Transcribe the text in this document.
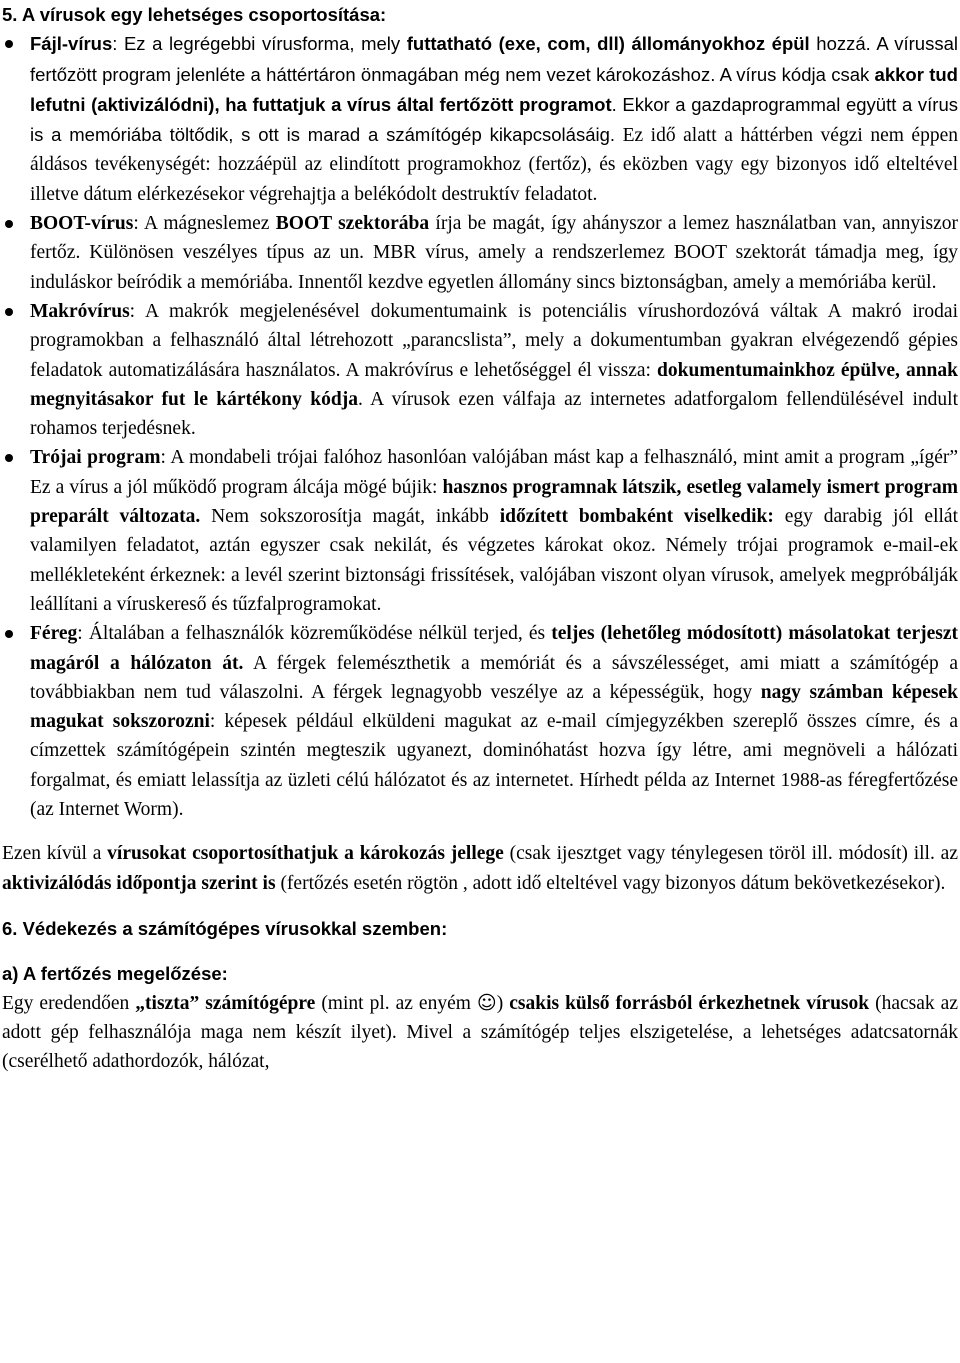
5. A vírusok egy lehetséges csoportosítása:
Fájl-vírus: Ez a legrégebbi vírusforma, mely futtatható (exe, com, dll) állományokhoz épül hozzá. A vírussal fertőzött program jelenléte a háttértáron önmagában még nem vezet károkozáshoz. A vírus kódja csak akkor tud lefutni (aktivizálódni), ha futtatjuk a vírus által fertőzött programot. Ekkor a gazdaprogrammal együtt a vírus is a memóriába töltődik, s ott is marad a számítógép kikapcsolásáig. Ez idő alatt a háttérben végzi nem éppen áldásos tevékenységét: hozzáépül az elindított programokhoz (fertőz), és eközben vagy egy bizonyos idő elteltével illetve dátum elérkezésekor végrehajtja a belékódolt destruktív feladatot.
BOOT-vírus: A mágneslemez BOOT szektorába írja be magát, így ahányszor a lemez használatban van, annyiszor fertőz. Különösen veszélyes típus az un. MBR vírus, amely a rendszerlemez BOOT szektorát támadja meg, így induláskor beíródik a memóriába. Innentől kezdve egyetlen állomány sincs biztonságban, amely a memóriába kerül.
Makróvírus: A makrók megjelenésével dokumentumaink is potenciális vírushordozóvá váltak A makró irodai programokban a felhasználó által létrehozott „parancslista”, mely a dokumentumban gyakran elvégezendő gépies feladatok automatizálására használatos. A makróvírus e lehetőséggel él vissza: dokumentumainkhoz épülve, annak megnyitásakor fut le kártékony kódja. A vírusok ezen válfaja az internetes adatforgalom fellendülésével indult rohamos terjedésnek.
Trójai program: A mondabeli trójai falóhoz hasonlóan valójában mást kap a felhasználó, mint amit a program „ígér” Ez a vírus a jól működő program álcája mögé bújik: hasznos programnak látszik, esetleg valamely ismert program preparált változata. Nem sokszorosítja magát, inkább időzített bombaként viselkedik: egy darabig jól ellát valamilyen feladatot, aztán egyszer csak nekilát, és végzetes károkat okoz. Némely trójai programok e‑mail-ek mellékleteként érkeznek: a levél szerint biztonsági frissítések, valójában viszont olyan vírusok, amelyek megpróbálják leállítani a víruskereső és tűzfalprogramokat.
Féreg: Általában a felhasználók közreműködése nélkül terjed, és teljes (lehetőleg módosított) másolatokat terjeszt magáról a hálózaton át. A férgek felemészthetik a memóriát és a sávszélességet, ami miatt a számítógép a továbbiakban nem tud válaszolni. A férgek legnagyobb veszélye az a képességük, hogy nagy számban képesek magukat sokszorozni: képesek például elküldeni magukat az e-mail címjegyzékben szereplő összes címre, és a címzettek számítógépein szintén megteszik ugyanezt, dominóhatást hozva így létre, ami megnöveli a hálózati forgalmat, és emiatt lelassítja az üzleti célú hálózatot és az internetet. Hírhedt példa az Internet 1988-as féregfertőzése (az Internet Worm).

Ezen kívül a vírusokat csoportosíthatjuk a károkozás jellege (csak ijesztget vagy ténylegesen töröl ill. módosít) ill. az aktivizálódás időpontja szerint is (fertőzés esetén rögtön , adott idő elteltével vagy bizonyos dátum bekövetkezésekor).

6. Védekezés a számítógépes vírusokkal szemben:
a) A fertőzés megelőzése:

Egy eredendően „tiszta” számítógépre (mint pl. az enyém ☺) csakis külső forrásból érkezhetnek vírusok (hacsak az adott gép felhasználója maga nem készít ilyet). Mivel a számítógép teljes elszigetelése, a lehetséges adatcsatornák (cserélhető adathordozók, hálózat,
